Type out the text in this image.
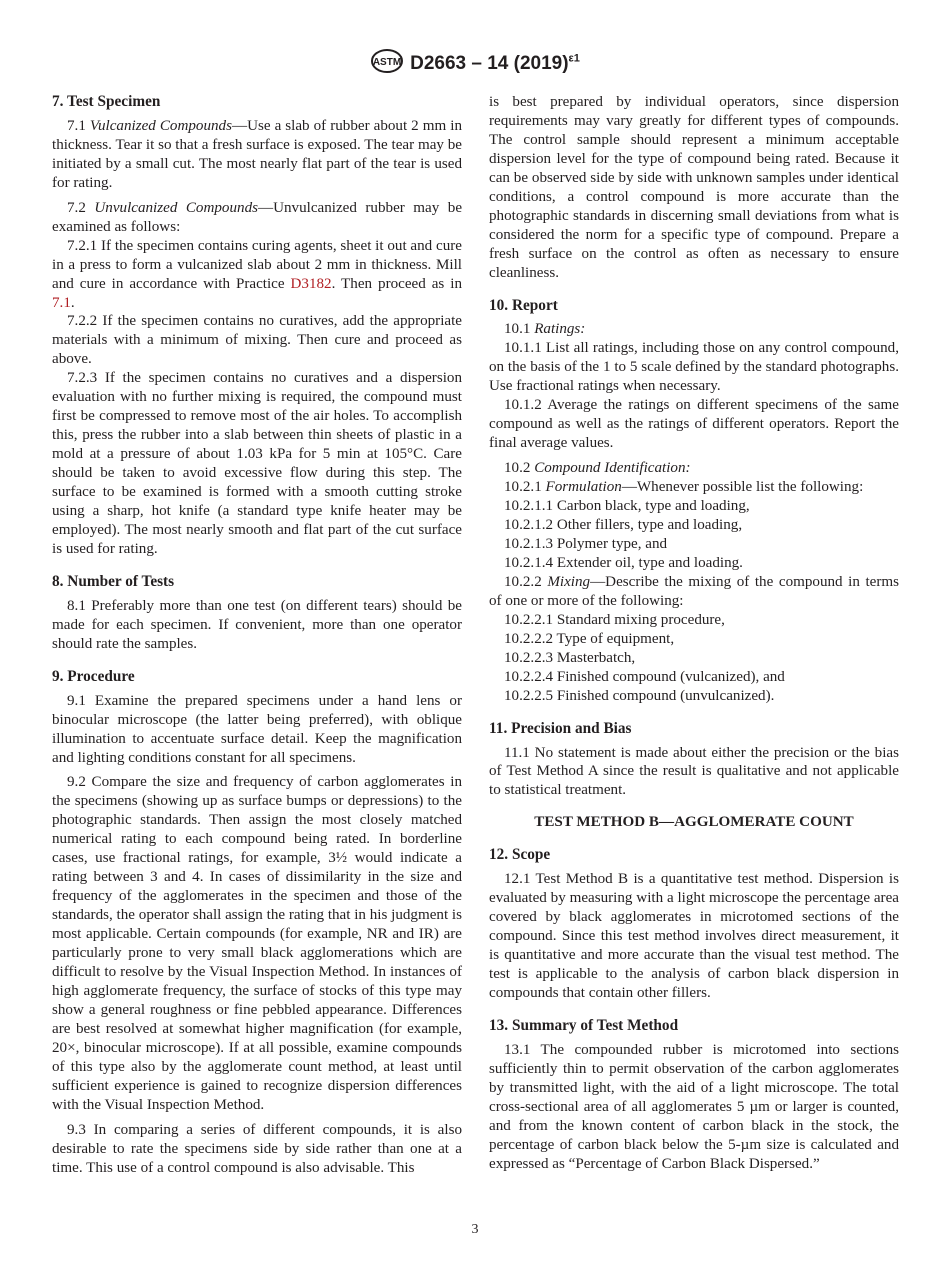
ASTM D2663 – 14 $(2019)^{\varepsilon 1}$
7. Test Specimen

7.1 Vulcanized Compounds—Use a slab of rubber about 2 mm in thickness. Tear it so that a fresh surface is exposed. The tear may be initiated by a small cut. The most nearly flat part of the tear is used for rating.

7.2 Unvulcanized Compounds—Unvulcanized rubber may be examined as follows:

7.2.1 If the specimen contains curing agents, sheet it out and cure in a press to form a vulcanized slab about 2 mm in thickness. Mill and cure in accordance with Practice D3182. Then proceed as in 7.1.

7.2.2 If the specimen contains no curatives, add the appropriate materials with a minimum of mixing. Then cure and proceed as above.

7.2.3 If the specimen contains no curatives and a dispersion evaluation with no further mixing is required, the compound must first be compressed to remove most of the air holes. To accomplish this, press the rubber into a slab between thin sheets of plastic in a mold at a pressure of about 1.03 kPa for 5 min at 105°C. Care should be taken to avoid excessive flow during this step. The surface to be examined is formed with a smooth cutting stroke using a sharp, hot knife (a standard type knife heater may be employed). The most nearly smooth and flat part of the cut surface is used for rating.

8. Number of Tests

8.1 Preferably more than one test (on different tears) should be made for each specimen. If convenient, more than one operator should rate the samples.

9. Procedure

9.1 Examine the prepared specimens under a hand lens or binocular microscope (the latter being preferred), with oblique illumination to accentuate surface detail. Keep the magnification and lighting conditions constant for all specimens.

9.2 Compare the size and frequency of carbon agglomerates in the specimens (showing up as surface bumps or depressions) to the photographic standards. Then assign the most closely matched numerical rating to each compound being rated. In borderline cases, use fractional ratings, for example, 3½ would indicate a rating between 3 and 4. In cases of dissimilarity in the size and frequency of the agglomerates in the specimen and those of the standards, the operator shall assign the rating that in his judgment is most applicable. Certain compounds (for example, NR and IR) are particularly prone to very small black agglomerations which are difficult to resolve by the Visual Inspection Method. In instances of high agglomerate frequency, the surface of stocks of this type may show a general roughness or fine pebbled appearance. Differences are best resolved at somewhat higher magnification (for example, 20×, binocular microscope). If at all possible, examine compounds of this type also by the agglomerate count method, at least until sufficient experience is gained to recognize dispersion differences with the Visual Inspection Method.

9.3 In comparing a series of different compounds, it is also desirable to rate the specimens side by side rather than one at a time. This use of a control compound is also advisable. This

is best prepared by individual operators, since dispersion requirements may vary greatly for different types of compounds. The control sample should represent a minimum acceptable dispersion level for the type of compound being rated. Because it can be observed side by side with unknown samples under identical conditions, a control compound is more accurate than the photographic standards in discerning small deviations from what is considered the norm for a specific type of compound. Prepare a fresh surface on the control as often as necessary to ensure cleanliness.

10. Report

10.1 Ratings:

10.1.1 List all ratings, including those on any control compound, on the basis of the 1 to 5 scale defined by the standard photographs. Use fractional ratings when necessary.

10.1.2 Average the ratings on different specimens of the same compound as well as the ratings of different operators. Report the final average values.

10.2 Compound Identification:

10.2.1 Formulation—Whenever possible list the following:

10.2.1.1 Carbon black, type and loading,

10.2.1.2 Other fillers, type and loading,

10.2.1.3 Polymer type, and

10.2.1.4 Extender oil, type and loading.

10.2.2 Mixing—Describe the mixing of the compound in terms of one or more of the following:

10.2.2.1 Standard mixing procedure,

10.2.2.2 Type of equipment,

10.2.2.3 Masterbatch,

10.2.2.4 Finished compound (vulcanized), and

10.2.2.5 Finished compound (unvulcanized).

11. Precision and Bias

11.1 No statement is made about either the precision or the bias of Test Method A since the result is qualitative and not applicable to statistical treatment.

TEST METHOD B—AGGLOMERATE COUNT
12. Scope

12.1 Test Method B is a quantitative test method. Dispersion is evaluated by measuring with a light microscope the percentage area covered by black agglomerates in microtomed sections of the compound. Since this test method involves direct measurement, it is quantitative and more accurate than the visual test method. The test is applicable to the analysis of carbon black dispersion in compounds that contain other fillers.

13. Summary of Test Method

13.1 The compounded rubber is microtomed into sections sufficiently thin to permit observation of the carbon agglomerates by transmitted light, with the aid of a light microscope. The total cross-sectional area of all agglomerates 5 µm or larger is counted, and from the known content of carbon black in the stock, the percentage of carbon black below the 5-µm size is calculated and expressed as “Percentage of Carbon Black Dispersed.”

3
